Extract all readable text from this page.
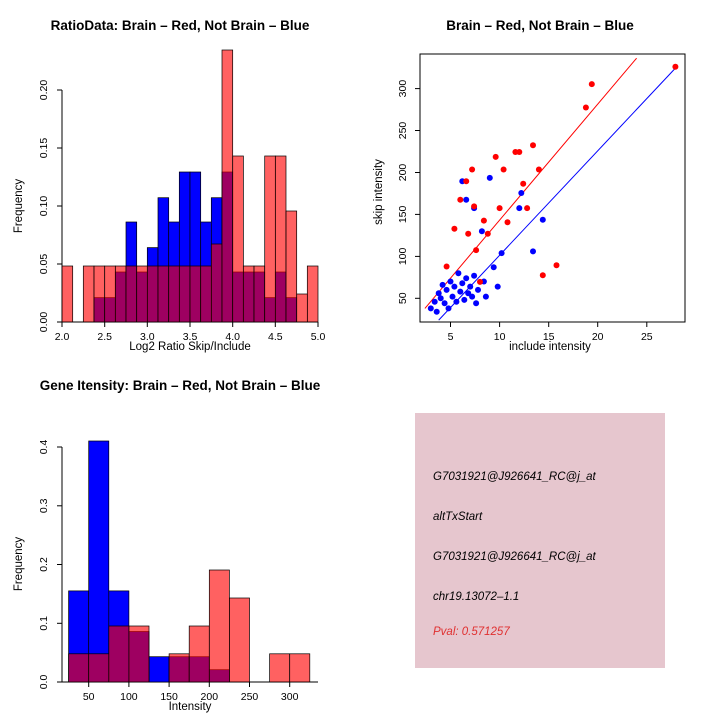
RatioData: Brain – Red, Not Brain – Blue
0.00
0.05
0.10
0.15
0.20
Frequency
2.0	2.5	3.0	3.5	4.0	4.5	5.0
Log2 Ratio Skip/Include
Brain – Red, Not Brain – Blue
5	10	15	20	25
50
100
150
200
250
300
skip intensity
include intensity
Gene Itensity: Brain – Red, Not Brain – Blue
0.0
0.1
0.2
0.3
0.4
Frequency
50 100 150 200 250 300
Intensity
G7031921@J926641_RC@j_at
altTxStart
G7031921@J926641_RC@j_at
chr19.13072–1.1
Pval: 0.571257
